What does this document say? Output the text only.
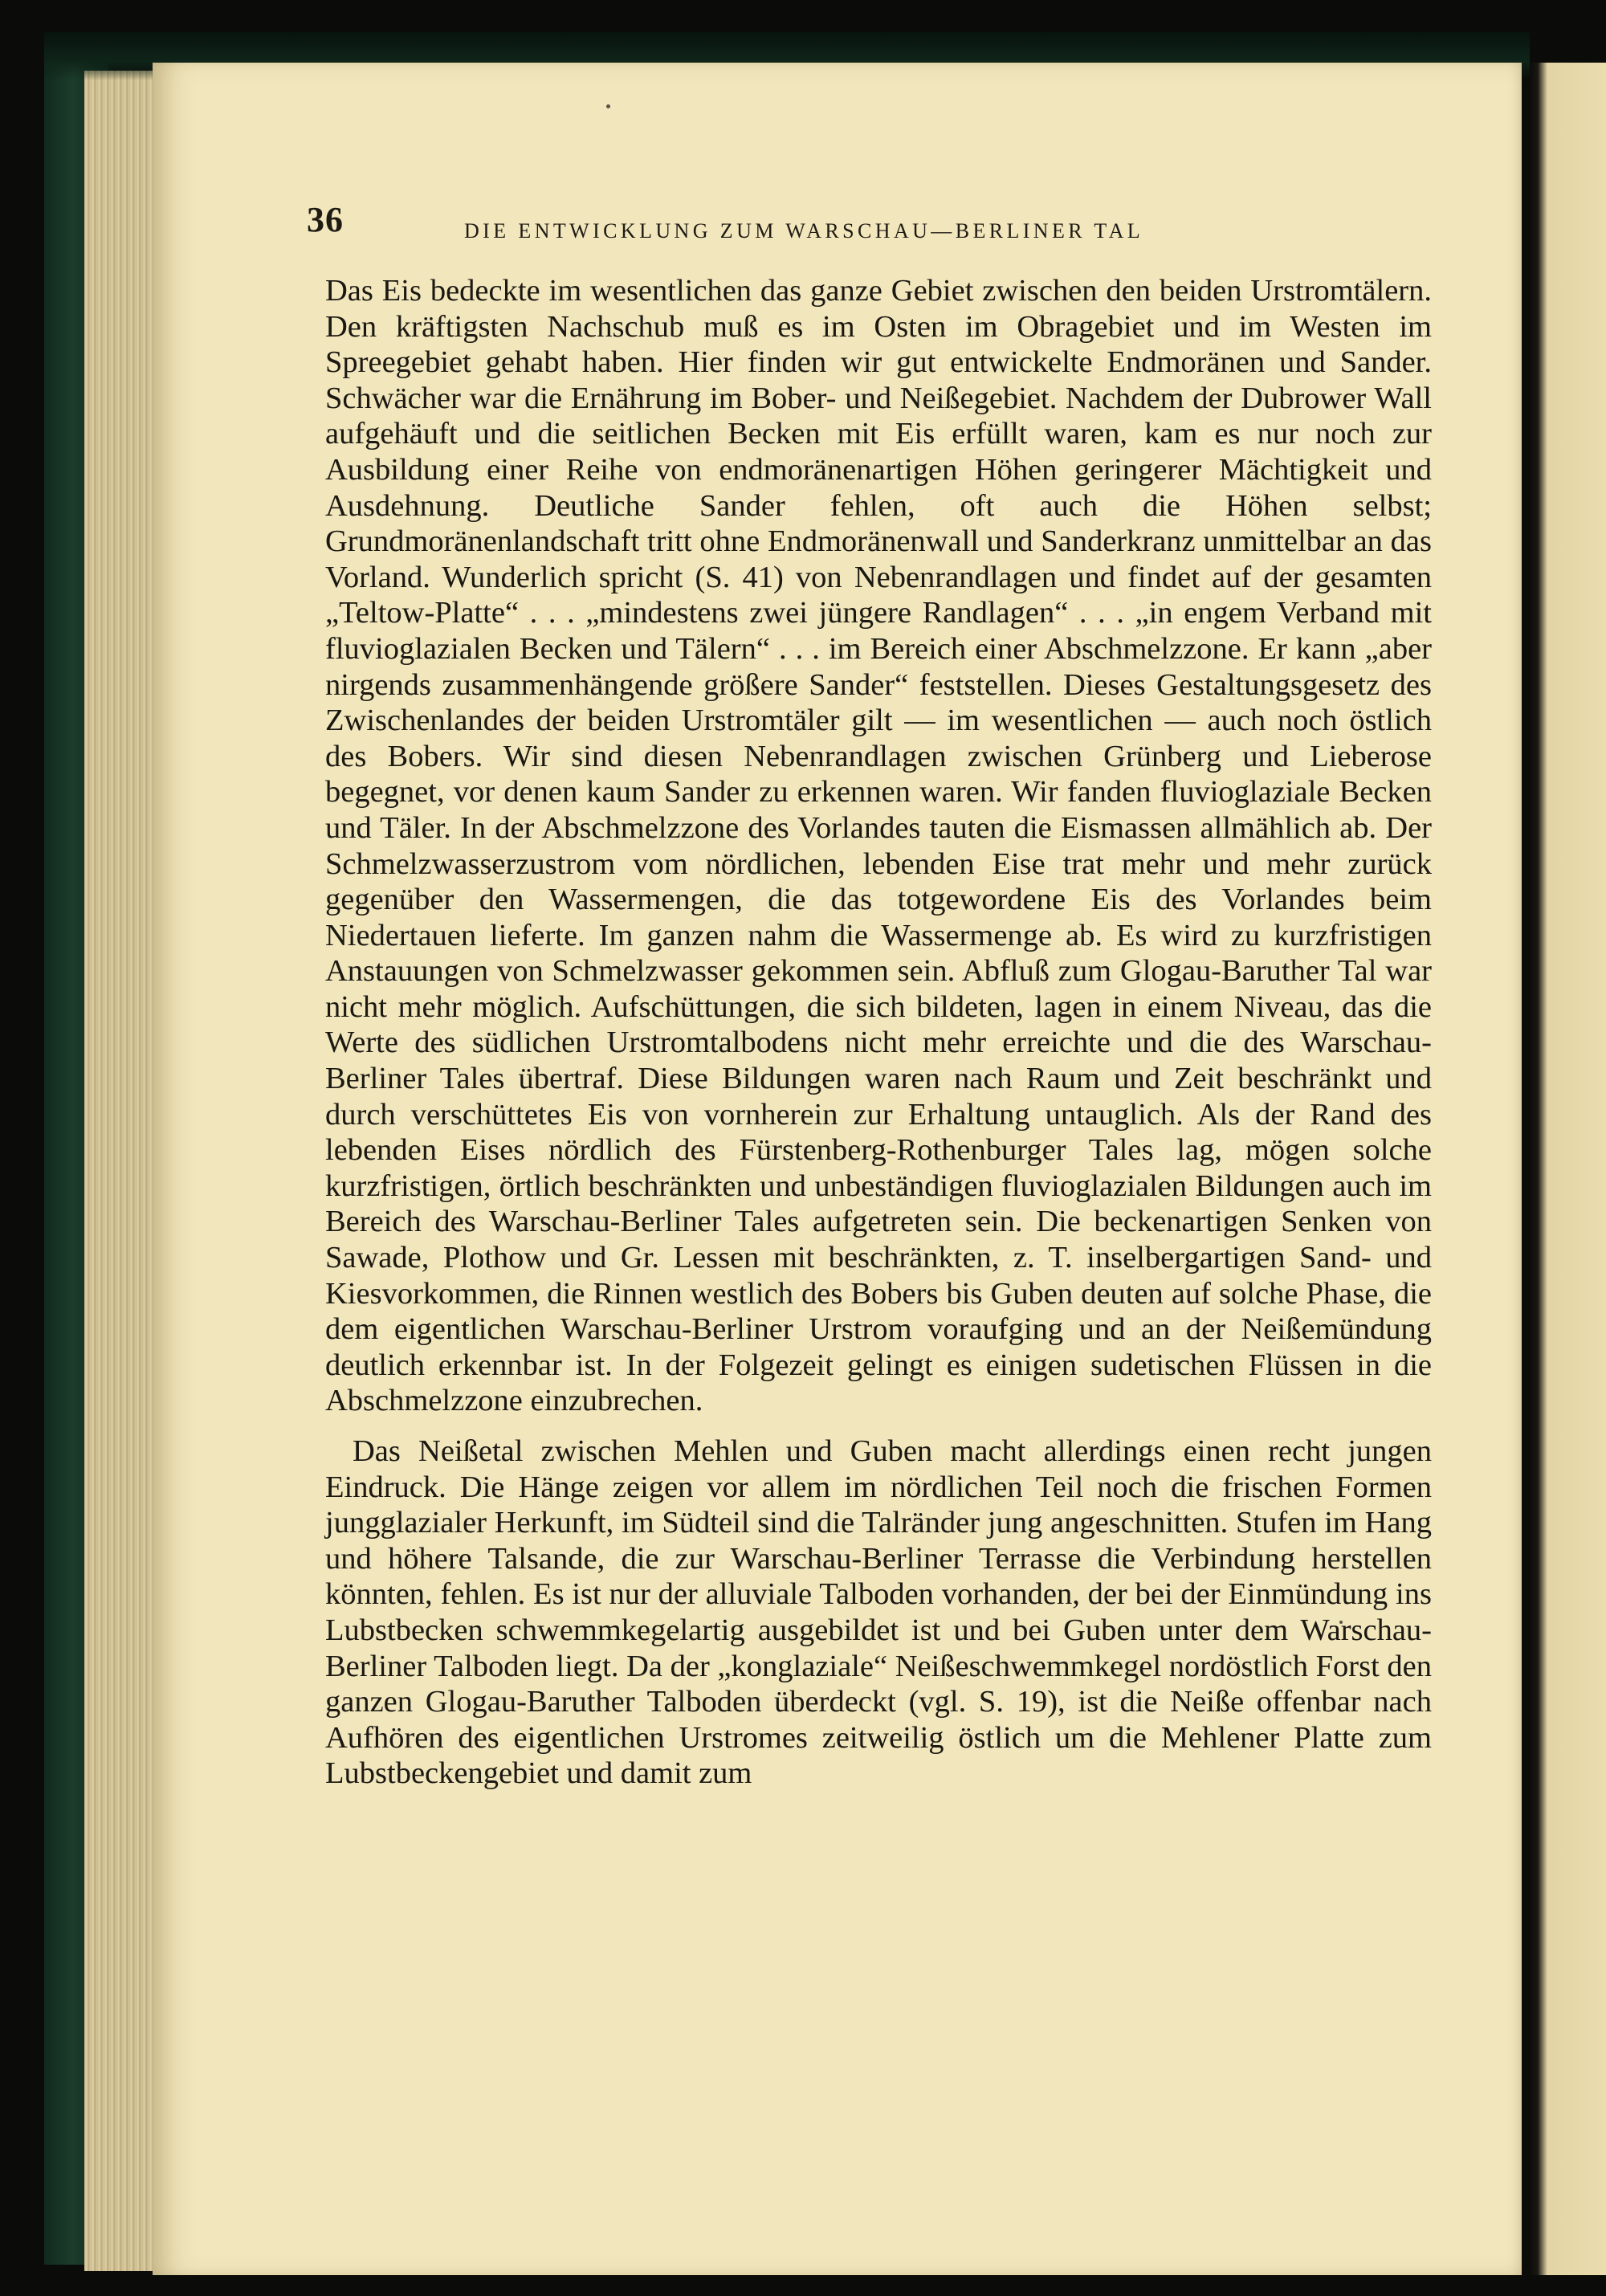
36	DIE ENTWICKLUNG ZUM WARSCHAU—BERLINER TAL

Das Eis bedeckte im wesentlichen das ganze Gebiet zwischen den beiden Urstromtälern. Den kräftigsten Nachschub muß es im Osten im Obragebiet und im Westen im Spreegebiet gehabt haben. Hier finden wir gut entwickelte Endmoränen und Sander. Schwächer war die Ernährung im Bober- und Neißegebiet. Nachdem der Dubrower Wall aufgehäuft und die seitlichen Becken mit Eis erfüllt waren, kam es nur noch zur Ausbildung einer Reihe von endmoränenartigen Höhen geringerer Mächtigkeit und Ausdehnung. Deutliche Sander fehlen, oft auch die Höhen selbst; Grundmoränenlandschaft tritt ohne Endmoränenwall und Sanderkranz unmittelbar an das Vorland. Wunderlich spricht (S. 41) von Nebenrandlagen und findet auf der gesamten „Teltow-Platte“ . . . „mindestens zwei jüngere Randlagen“ . . . „in engem Verband mit fluvioglazialen Becken und Tälern“ . . . im Bereich einer Abschmelzzone. Er kann „aber nirgends zusammenhängende größere Sander“ feststellen. Dieses Gestaltungsgesetz des Zwischenlandes der beiden Urstromtäler gilt — im wesentlichen — auch noch östlich des Bobers. Wir sind diesen Nebenrandlagen zwischen Grünberg und Lieberose begegnet, vor denen kaum Sander zu erkennen waren. Wir fanden fluvioglaziale Becken und Täler. In der Abschmelzzone des Vorlandes tauten die Eismassen allmählich ab. Der Schmelzwasserzustrom vom nördlichen, lebenden Eise trat mehr und mehr zurück gegenüber den Wassermengen, die das totgewordene Eis des Vorlandes beim Niedertauen lieferte. Im ganzen nahm die Wassermenge ab. Es wird zu kurzfristigen Anstauungen von Schmelzwasser gekommen sein. Abfluß zum Glogau-Baruther Tal war nicht mehr möglich. Aufschüttungen, die sich bildeten, lagen in einem Niveau, das die Werte des südlichen Urstromtalbodens nicht mehr erreichte und die des Warschau-Berliner Tales übertraf. Diese Bildungen waren nach Raum und Zeit beschränkt und durch verschüttetes Eis von vornherein zur Erhaltung untauglich. Als der Rand des lebenden Eises nördlich des Fürstenberg-Rothenburger Tales lag, mögen solche kurzfristigen, örtlich beschränkten und unbeständigen fluvioglazialen Bildungen auch im Bereich des Warschau-Berliner Tales aufgetreten sein. Die beckenartigen Senken von Sawade, Plothow und Gr. Lessen mit beschränkten, z. T. inselbergartigen Sand- und Kiesvorkommen, die Rinnen westlich des Bobers bis Guben deuten auf solche Phase, die dem eigentlichen Warschau-Berliner Urstrom voraufging und an der Neißemündung deutlich erkennbar ist. In der Folgezeit gelingt es einigen sudetischen Flüssen in die Abschmelzzone einzubrechen.

Das Neißetal zwischen Mehlen und Guben macht allerdings einen recht jungen Eindruck. Die Hänge zeigen vor allem im nördlichen Teil noch die frischen Formen jungglazialer Herkunft, im Südteil sind die Talränder jung angeschnitten. Stufen im Hang und höhere Talsande, die zur Warschau-Berliner Terrasse die Verbindung herstellen könnten, fehlen. Es ist nur der alluviale Talboden vorhanden, der bei der Einmündung ins Lubstbecken schwemmkegelartig ausgebildet ist und bei Guben unter dem Warschau-Berliner Talboden liegt. Da der „konglaziale“ Neißeschwemmkegel nordöstlich Forst den ganzen Glogau-Baruther Talboden überdeckt (vgl. S. 19), ist die Neiße offenbar nach Aufhören des eigentlichen Urstromes zeitweilig östlich um die Mehlener Platte zum Lubstbeckengebiet und damit zum
